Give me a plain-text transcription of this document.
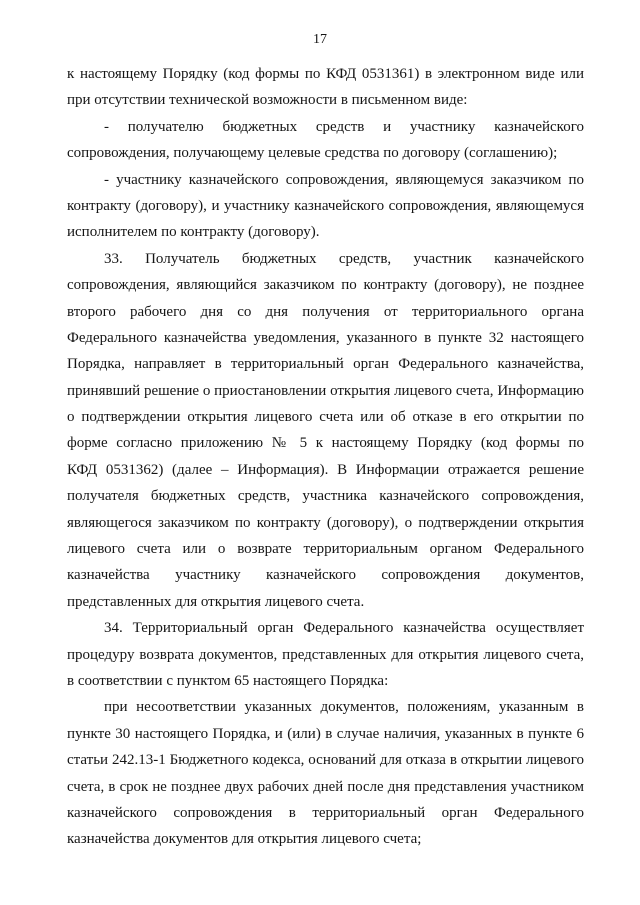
17
к настоящему Порядку (код формы по КФД 0531361) в электронном виде или
при отсутствии технической возможности в письменном виде:
- получателю бюджетных средств и участнику казначейского
сопровождения, получающему целевые средства по договору (соглашению);
- участнику казначейского сопровождения, являющемуся заказчиком по
контракту (договору), и участнику казначейского сопровождения, являющемуся
исполнителем по контракту (договору).
33. Получатель бюджетных средств, участник казначейского
сопровождения, являющийся заказчиком по контракту (договору), не позднее
второго рабочего дня со дня получения от территориального органа
Федерального казначейства уведомления, указанного в пункте 32 настоящего
Порядка, направляет в территориальный орган Федерального казначейства,
принявший решение о приостановлении открытия лицевого счета, Информацию
о подтверждении открытия лицевого счета или об отказе в его открытии по
форме согласно приложению № 5 к настоящему Порядку (код формы по
КФД 0531362) (далее – Информация). В Информации отражается решение
получателя бюджетных средств, участника казначейского сопровождения,
являющегося заказчиком по контракту (договору), о подтверждении открытия
лицевого счета или о возврате территориальным органом Федерального
казначейства участнику казначейского сопровождения документов,
представленных для открытия лицевого счета.
34. Территориальный орган Федерального казначейства осуществляет
процедуру возврата документов, представленных для открытия лицевого счета,
в соответствии с пунктом 65 настоящего Порядка:
при несоответствии указанных документов, положениям, указанным в
пункте 30 настоящего Порядка, и (или) в случае наличия, указанных в пункте 6
статьи 242.13-1 Бюджетного кодекса, оснований для отказа в открытии лицевого
счета, в срок не позднее двух рабочих дней после дня представления участником
казначейского сопровождения в территориальный орган Федерального
казначейства документов для открытия лицевого счета;
